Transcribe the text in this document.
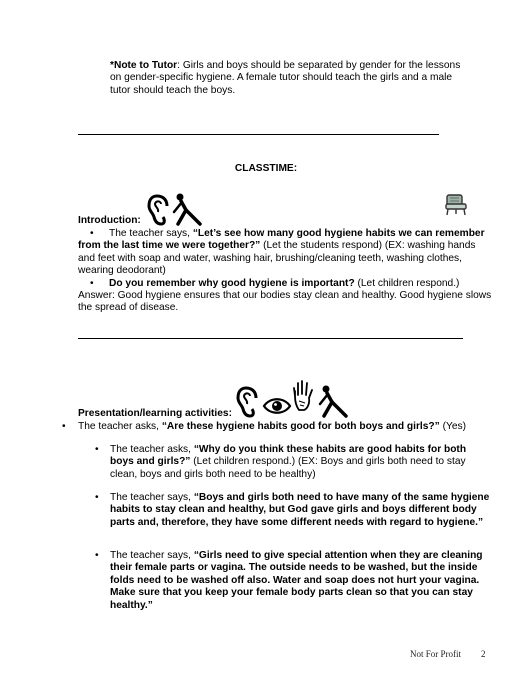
*Note to Tutor: Girls and boys should be separated by gender for the lessons on gender-specific hygiene. A female tutor should teach the girls and a male tutor should teach the boys.
CLASSTIME:
Introduction:
•	The teacher says, “Let’s see how many good hygiene habits we can remember from the last time we were together?” (Let the students respond) (EX: washing hands and feet with soap and water, washing hair, brushing/cleaning teeth, washing clothes, wearing deodorant)
•	Do you remember why good hygiene is important? (Let children respond.)
Answer: Good hygiene ensures that our bodies stay clean and healthy. Good hygiene slows the spread of disease.
Presentation/learning activities:
• The teacher asks, “Are these hygiene habits good for both boys and girls?” (Yes)
• The teacher asks, “Why do you think these habits are good habits for both boys and girls?” (Let children respond.) (EX: Boys and girls both need to stay clean, boys and girls both need to be healthy)
• The teacher says, “Boys and girls both need to have many of the same hygiene habits to stay clean and healthy, but God gave girls and boys different body parts and, therefore, they have some different needs with regard to hygiene.”
• The teacher says, “Girls need to give special attention when they are cleaning their female parts or vagina. The outside needs to be washed, but the inside folds need to be washed off also. Water and soap does not hurt your vagina. Make sure that you keep your female body parts clean so that you can stay healthy.”
Not For Profit 2
